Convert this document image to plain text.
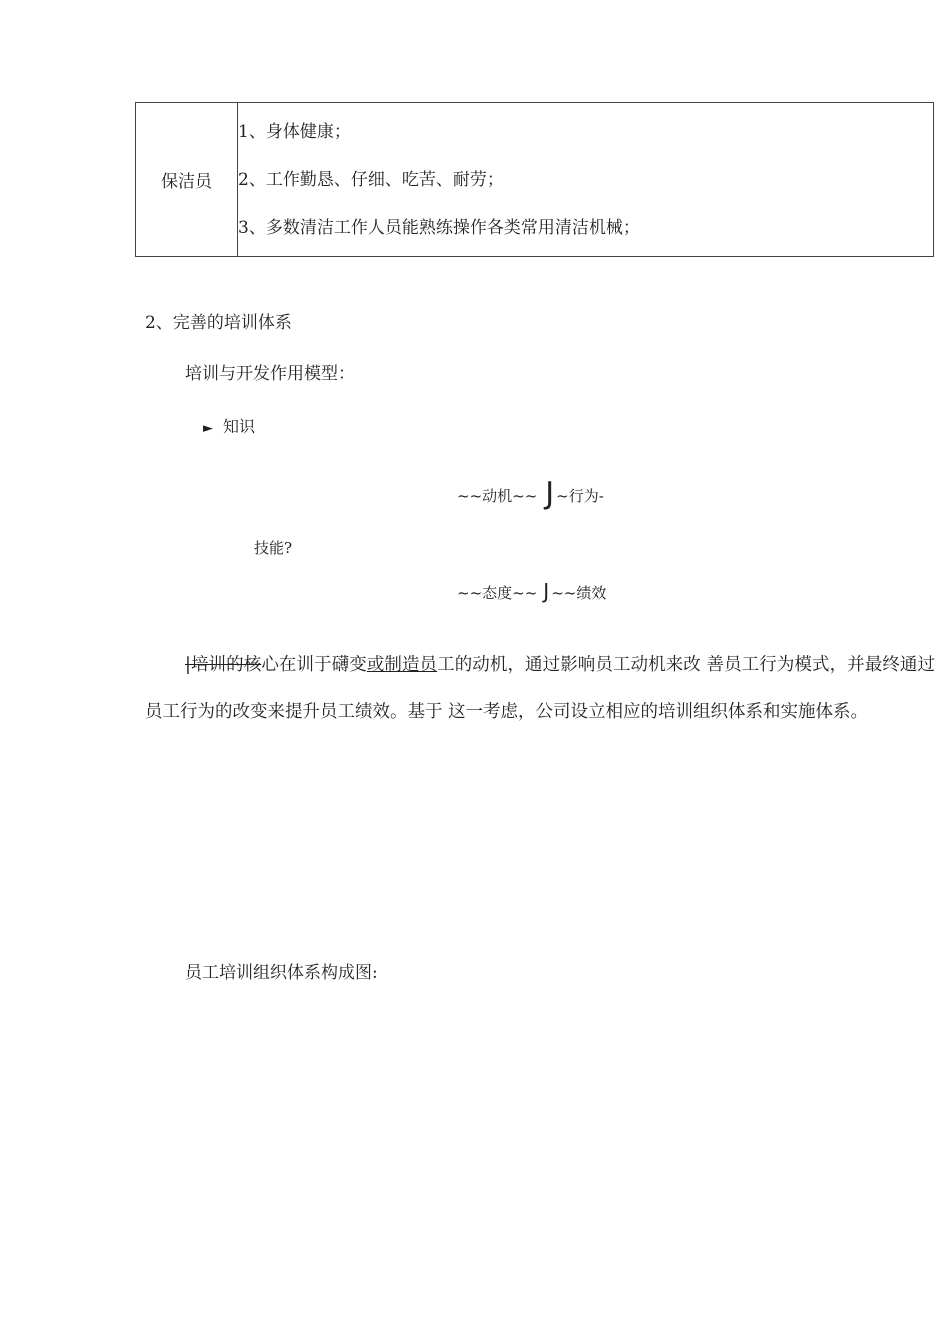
保洁员	
1、身体健康；
2、工作勤恳、仔细、吃苦、耐劳；
3、多数清洁工作人员能熟练操作各类常用清洁机械；
2、完善的培训体系
培训与开发作用模型：
► 知识
~~动机~~ J ~行为-
技能?
~~态度~~ J ~~绩效
|培训的核心在训于礴变或制造员工的动机，通过影响员工动机来改 善员工行为模式，并最终通过员工行为的改变来提升员工绩效。基于 这一考虑，公司设立相应的培训组织体系和实施体系。
员工培训组织体系构成图:
